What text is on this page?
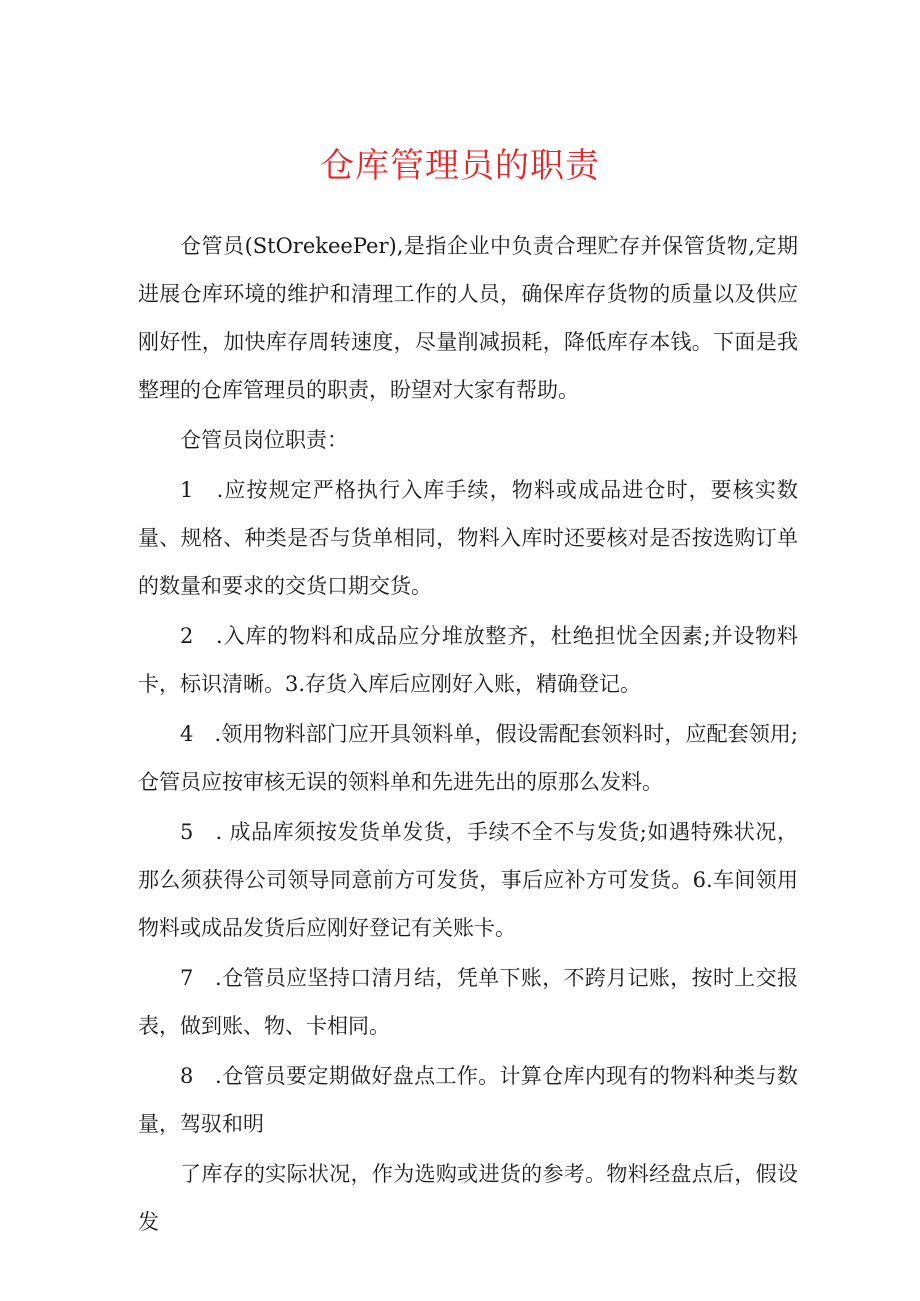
仓库管理员的职责

仓管员(StOrekeePer),是指企业中负责合理贮存并保管货物,定期进展仓库环境的维护和清理工作的人员，确保库存货物的质量以及供应刚好性，加快库存周转速度，尽量削减损耗，降低库存本钱。下面是我整理的仓库管理员的职责，盼望对大家有帮助。

仓管员岗位职责：

1　.应按规定严格执行入库手续，物料或成品进仓时，要核实数量、规格、种类是否与货单相同，物料入库时还要核对是否按选购订单的数量和要求的交货口期交货。

2　.入库的物料和成品应分堆放整齐，杜绝担忧全因素;并设物料卡，标识清晰。3.存货入库后应刚好入账，精确登记。

4　.领用物料部门应开具领料单，假设需配套领料时，应配套领用;仓管员应按审核无误的领料单和先进先出的原那么发料。

5　. 成品库须按发货单发货，手续不全不与发货;如遇特殊状况，那么须获得公司领导同意前方可发货，事后应补方可发货。6.车间领用物料或成品发货后应刚好登记有关账卡。

7　.仓管员应坚持口清月结，凭单下账，不跨月记账，按时上交报表，做到账、物、卡相同。

8　.仓管员要定期做好盘点工作。计算仓库内现有的物料种类与数量，驾驭和明

了库存的实际状况，作为选购或进货的参考。物料经盘点后，假设发
